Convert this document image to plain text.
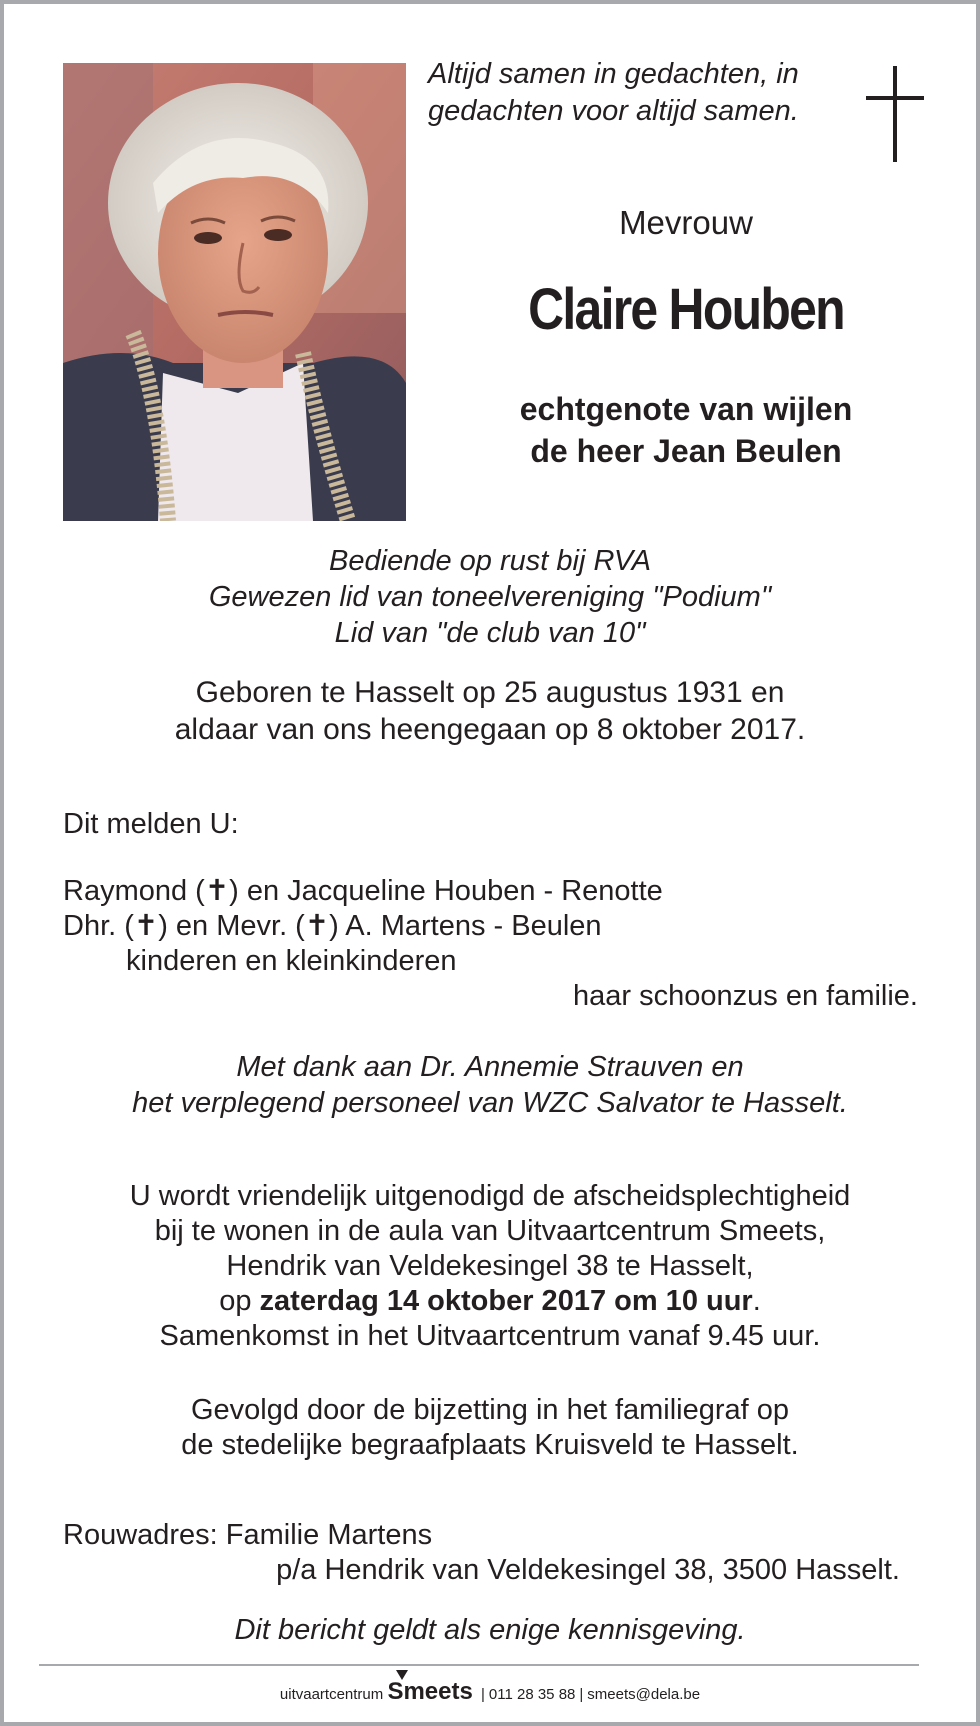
Altijd samen in gedachten, in
gedachten voor altijd samen.
Mevrouw
Claire Houben
echtgenote van wijlen
de heer Jean Beulen
Bediende op rust bij RVA
Gewezen lid van toneelvereniging "Podium"
Lid van "de club van 10"
Geboren te Hasselt op 25 augustus 1931 en
aldaar van ons heengegaan op 8 oktober 2017.
Dit melden U:
Raymond (✝) en Jacqueline Houben - Renotte
Dhr. (✝) en Mevr. (✝) A. Martens - Beulen
kinderen en kleinkinderen
haar schoonzus en familie.
Met dank aan Dr. Annemie Strauven en
het verplegend personeel van WZC Salvator te Hasselt.
U wordt vriendelijk uitgenodigd de afscheidsplechtigheid
bij te wonen in de aula van Uitvaartcentrum Smeets,
Hendrik van Veldekesingel 38 te Hasselt,
op zaterdag 14 oktober 2017 om 10 uur.
Samenkomst in het Uitvaartcentrum vanaf 9.45 uur.
Gevolgd door de bijzetting in het familiegraf op
de stedelijke begraafplaats Kruisveld te Hasselt.
Rouwadres: Familie Martens
p/a Hendrik van Veldekesingel 38, 3500 Hasselt.
Dit bericht geldt als enige kennisgeving.
uitvaartcentrum Smeets | 011 28 35 88 | smeets@dela.be
